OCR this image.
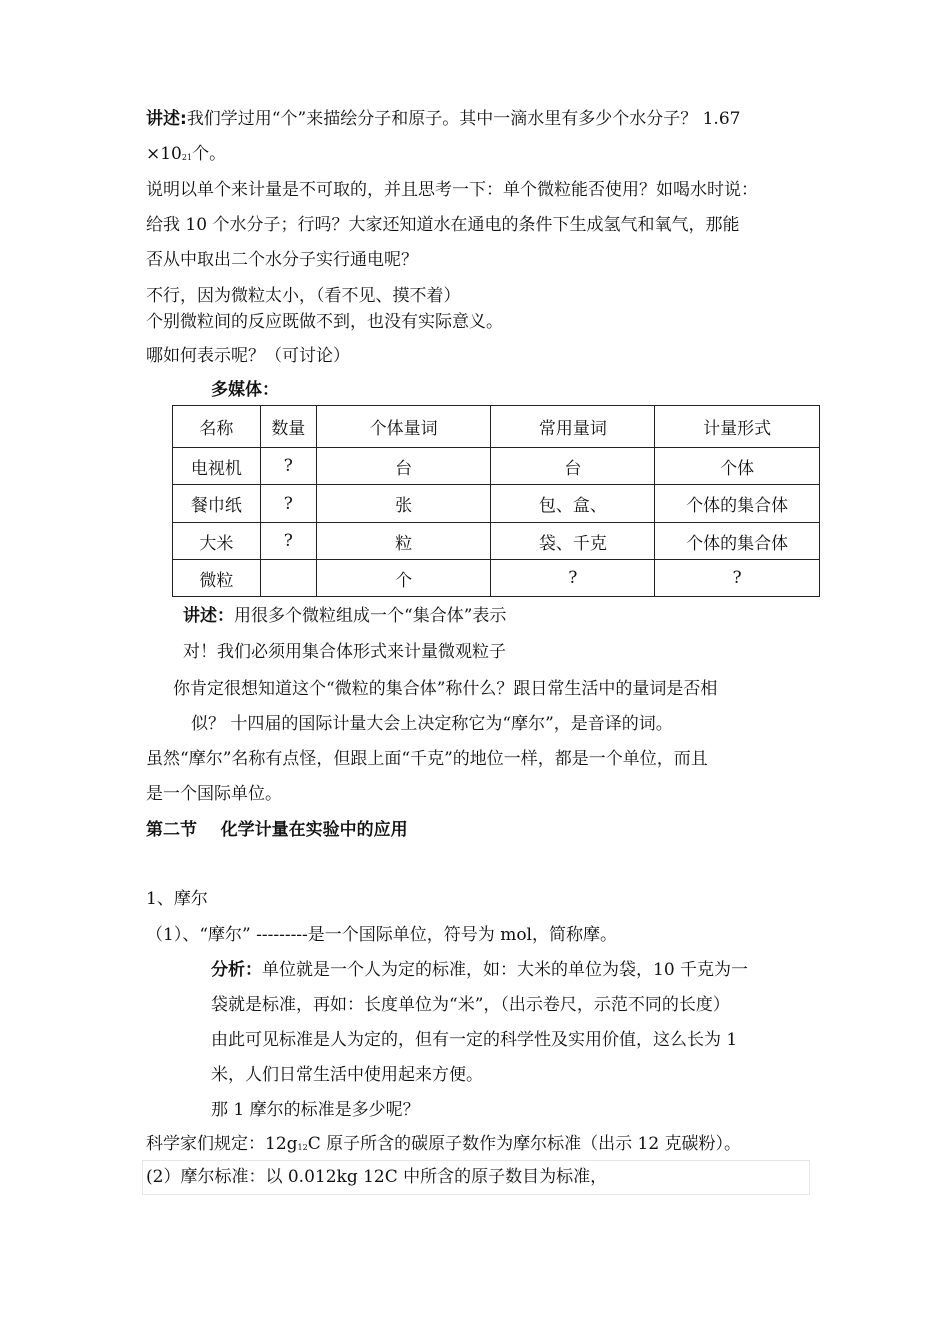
讲述:我们学过用“个”来描绘分子和原子。其中一滴水里有多少个水分子？ 1.67
$\times 10_{21}$个。
说明以单个来计量是不可取的，并且思考一下：单个微粒能否使用？如喝水时说：
给我 10 个水分子；行吗？大家还知道水在通电的条件下生成氢气和氧气，那能
否从中取出二个水分子实行通电呢？
不行，因为微粒太小，（看不见、摸不着）
个别微粒间的反应既做不到，也没有实际意义。
哪如何表示呢？（可讨论）
多媒体：
名称	数量	个体量词	常用量词	计量形式
电视机	?	台	台	个体
餐巾纸	?	张	包、盒、	个体的集合体
大米	?	粒	袋、千克	个体的集合体
微粒		个	?	?
讲述：用很多个微粒组成一个“集合体”表示
对！我们必须用集合体形式来计量微观粒子
你肯定很想知道这个“微粒的集合体”称什么？跟日常生活中的量词是否相
似？ 十四届的国际计量大会上决定称它为“摩尔”，是音译的词。
虽然“摩尔”名称有点怪，但跟上面“千克”的地位一样，都是一个单位，而且
是一个国际单位。
第二节    化学计量在实验中的应用
1、摩尔
（1）、“摩尔” ---------是一个国际单位，符号为 mol，简称摩。
分析：单位就是一个人为定的标准，如：大米的单位为袋，10 千克为一
袋就是标准，再如：长度单位为“米”，（出示卷尺，示范不同的长度）
由此可见标准是人为定的，但有一定的科学性及实用价值，这么长为 1
米，人们日常生活中使用起来方便。
那 1 摩尔的标准是多少呢？
科学家们规定：$12g_{12}C$ 原子所含的碳原子数作为摩尔标准（出示 12 克碳粉）。
(2）摩尔标准：以 0.012kg 12C 中所含的原子数目为标准，
